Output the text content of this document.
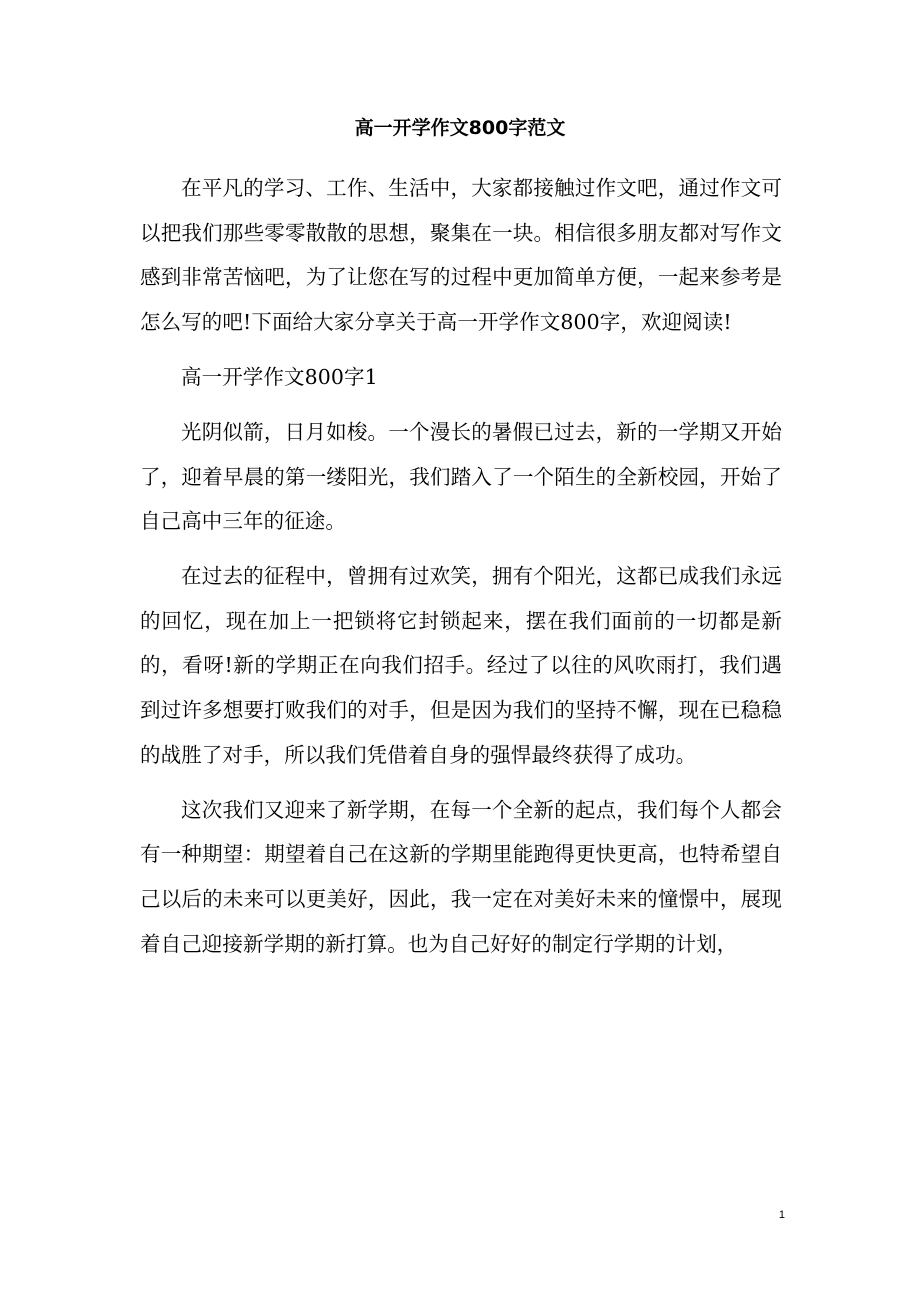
高一开学作文800字范文

在平凡的学习、工作、生活中，大家都接触过作文吧，通过作文可以把我们那些零零散散的思想，聚集在一块。相信很多朋友都对写作文感到非常苦恼吧，为了让您在写的过程中更加简单方便，一起来参考是怎么写的吧!下面给大家分享关于高一开学作文800字，欢迎阅读!

高一开学作文800字1

光阴似箭，日月如梭。一个漫长的暑假已过去，新的一学期又开始了，迎着早晨的第一缕阳光，我们踏入了一个陌生的全新校园，开始了自己高中三年的征途。

在过去的征程中，曾拥有过欢笑，拥有个阳光，这都已成我们永远的回忆，现在加上一把锁将它封锁起来，摆在我们面前的一切都是新的，看呀!新的学期正在向我们招手。经过了以往的风吹雨打，我们遇到过许多想要打败我们的对手，但是因为我们的坚持不懈，现在已稳稳的战胜了对手，所以我们凭借着自身的强悍最终获得了成功。

这次我们又迎来了新学期，在每一个全新的起点，我们每个人都会有一种期望：期望着自己在这新的学期里能跑得更快更高，也特希望自己以后的未来可以更美好，因此，我一定在对美好未来的憧憬中，展现着自己迎接新学期的新打算。也为自己好好的制定行学期的计划，

1
